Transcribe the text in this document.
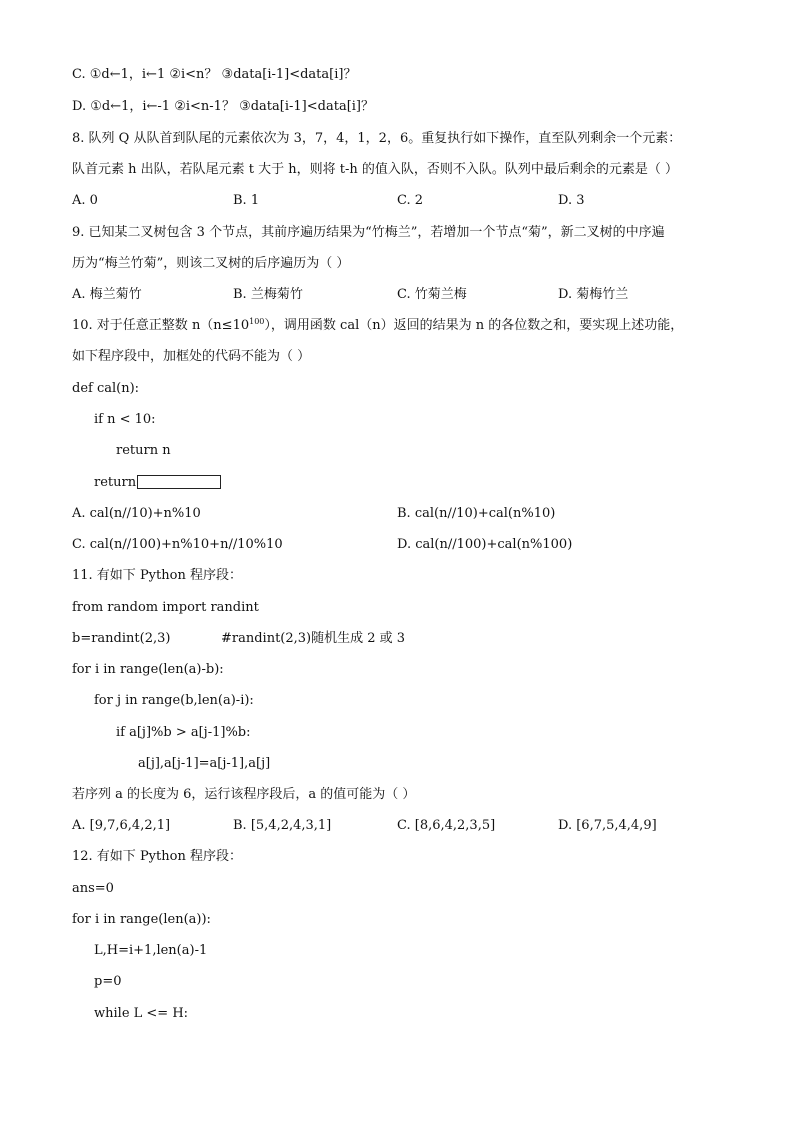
C. ①d←1，i←1 ②i<n？ ③data[i-1]<data[i]？
D. ①d←1，i←-1 ②i<n-1？ ③data[i-1]<data[i]？
8. 队列 Q 从队首到队尾的元素依次为 3，7，4，1，2，6。重复执行如下操作，直至队列剩余一个元素：
队首元素 h 出队，若队尾元素 t 大于 h，则将 t-h 的值入队，否则不入队。队列中最后剩余的元素是（ ）
A. 0	B. 1	C. 2	D. 3
9. 已知某二叉树包含 3 个节点，其前序遍历结果为“竹梅兰”，若增加一个节点“菊”，新二叉树的中序遍
历为“梅兰竹菊”，则该二叉树的后序遍历为（ ）
A. 梅兰菊竹	B. 兰梅菊竹	C. 竹菊兰梅	D. 菊梅竹兰
10. 对于任意正整数 $n(n\le 10^{100})$，调用函数 cal（n）返回的结果为 n 的各位数之和，要实现上述功能，
如下程序段中，加框处的代码不能为（ ）
def cal(n):
if n < 10:
return n
return
A. cal(n//10)+n%10	B. cal(n//10)+cal(n%10)
C. cal(n//100)+n%10+n//10%10	D. cal(n//100)+cal(n%100)
11. 有如下 Python 程序段：
from random import randint
b=randint(2,3)	#randint(2,3)随机生成 2 或 3
for i in range(len(a)-b):
for j in range(b,len(a)-i):
if a[j]%b > a[j-1]%b:
a[j],a[j-1]=a[j-1],a[j]
若序列 a 的长度为 6，运行该程序段后，a 的值可能为（ ）
A. [9,7,6,4,2,1]	B. [5,4,2,4,3,1]	C. [8,6,4,2,3,5]	D. [6,7,5,4,4,9]
12. 有如下 Python 程序段：
ans=0
for i in range(len(a)):
L,H=i+1,len(a)-1
p=0
while L <= H:
